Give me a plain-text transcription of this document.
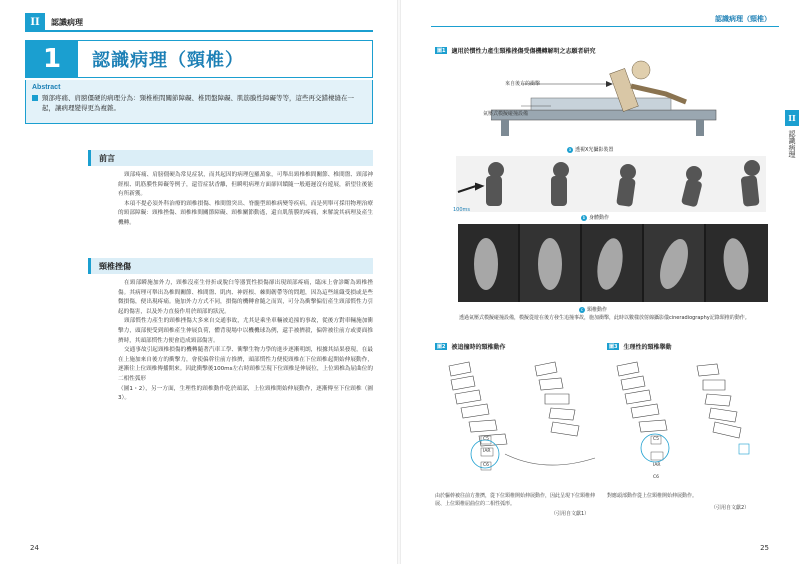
II	認識病理
1	認識病理（頸椎）
Abstract
頸部疼痛、肩膀僵硬的病理分為：頸椎椎間關節障礙、椎間盤障礙、肌筋膜性障礙等等，這些再交錯棲縫在一起，讓病理變得更為複雜。
前言

頸部疼痛、肩膀僵硬為常見症狀，而其起因的病理包羅萬象，可舉出頸椎椎間關節、椎間盤、頸部神經根、肌筋膜性障礙等例子，還管症狀香離，但瞬明病理方面卻回饋隨一般避遲沒有遊展，新望往後能有所新獲。

本項不提必須外科治療的頸椎損傷、椎間盤突出、脊髓型頸椎病變等疾病，而是列舉可採用物理治療的頸部障礙：頸椎挫傷、頸椎椎間關節障礙、頸椎關節動遙，還自肌筋膜的疼痛，來解說其病理及產生機轉。

頸椎挫傷

在頸部瞬施加外力，頸椎沒產生骨折或脫臼等器質性損傷卻出現頸部疼痛，臨床上會診斷為頸椎挫傷。其病理可舉出為椎間關節、椎間盤、肌肉、神經根、棘間韌帶等的問題，因為這些組織受損或是些微損傷，便出現疼痛。施加外力方式不同，損傷的機轉會隨之而異，可分為衝擊偏衍產生頸部慣性力引起的傷害，以及外力直接作用於頸部的狀況。

頸部慣性力產生的頸椎挫傷大多來自交通事故，尤其是乘坐車輛被追撞的事故，從後方對車輛施加衝擊力，頭部便受到頸椎產生伸展負荷，體背現場中以機機球為例，還手被擠殺，偏幹被往前方或要面推擠時，其頭部慣性力便會造成頸部傷害。

交通事故引起頸椎損傷的機轉隨著汽車工學、衝擊生物力學的進步逐漸明朗，根據其結果發現，在最在上施加來自後方的衝擊力，會使偏幹往前方推擠，頭部慣性力便使頸椎在下位頸椎起開始伸展動作，逐漸往上位頸椎傳播開來。因此衝擊後100ms左右時頸椎呈現下位頸椎是伸展位，上位頸椎為屈曲位的二相性弧形

（圖1・2），另一方面，生理性的頸椎動作乾於頭部，上位頸椎開始伸展動作，逐漸傳至下位頸椎（圖3）。

24
認識病理（頸椎）
II
認識病理
圖1	適用於慣性力產生頸椎挫傷受傷機轉解明之志願者研究
來自後方的衝擊
氣壓式模擬碰撞設備
a 透視X光攝影裝置
100ms
b 身體動作
c 頸椎動作
透過氣壓式模擬碰撞設備，模擬從遊在後方發生追撞事故，施加衝擊，此時以數樣放射線攝影儀cineradiography記錄頸椎的動作。
圖2	被追撞時的頸椎動作
C5
IAR
C6
由於軀幹被往前方推擠，從下位頸椎開始伸展動作，因此呈現下位頸椎伸展、上位頸椎屈曲位的二相性弧形。
（引用自文獻1）
圖3	生理性的頸椎擧動
C5
IAR
C6
對應頭部動作從上位頸椎開始伸展動作。
（引用自文獻2）
25
